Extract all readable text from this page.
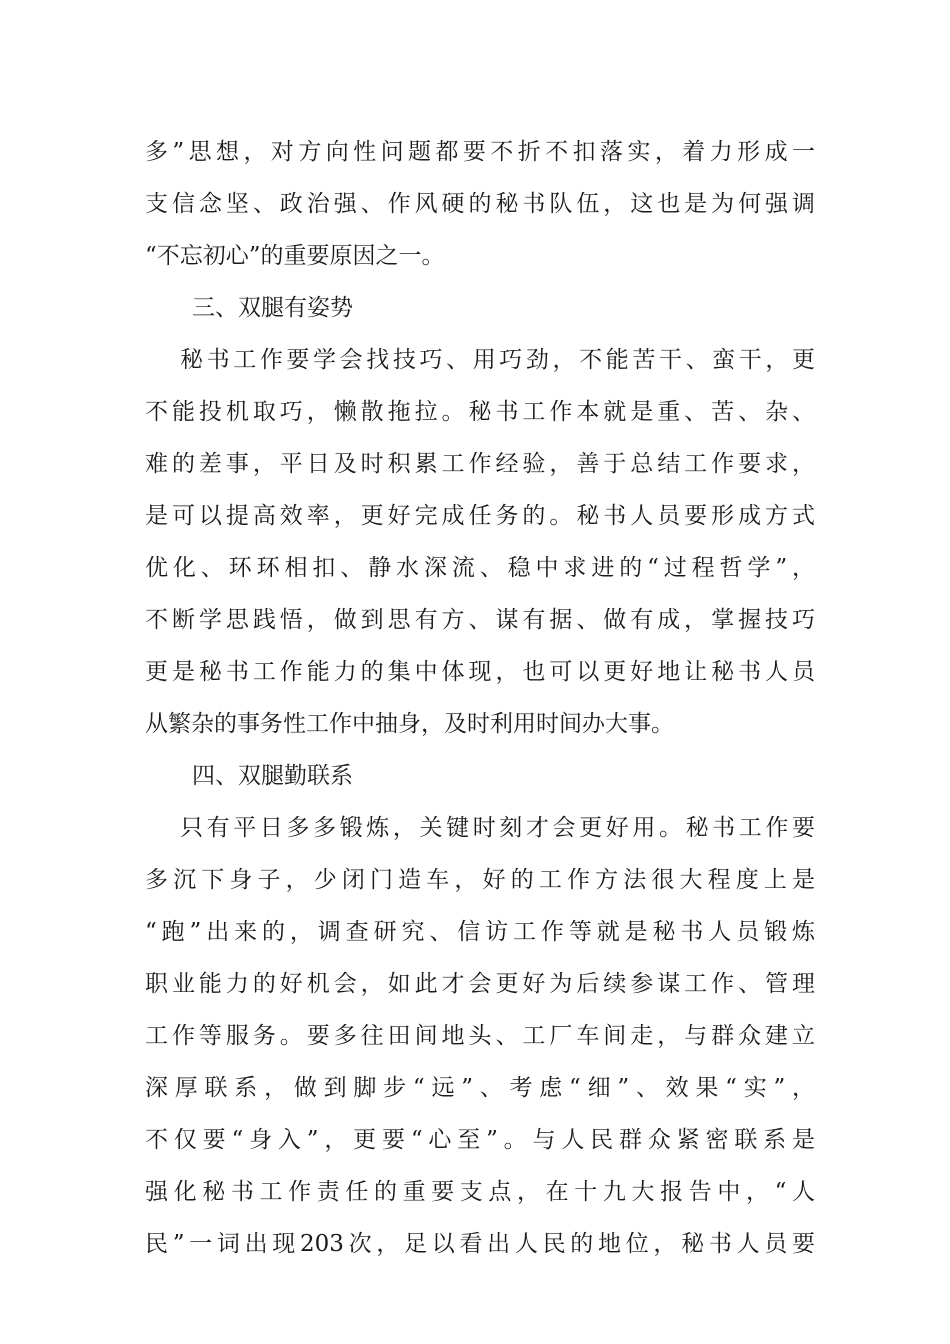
多”思想，对方向性问题都要不折不扣落实，着力形成一
支信念坚、政治强、作风硬的秘书队伍，这也是为何强调
“不忘初心”的重要原因之一。
三、双腿有姿势
秘书工作要学会找技巧、用巧劲，不能苦干、蛮干，更
不能投机取巧，懒散拖拉。秘书工作本就是重、苦、杂、
难的差事，平日及时积累工作经验，善于总结工作要求，
是可以提高效率，更好完成任务的。秘书人员要形成方式
优化、环环相扣、静水深流、稳中求进的“过程哲学”，
不断学思践悟，做到思有方、谋有据、做有成，掌握技巧
更是秘书工作能力的集中体现，也可以更好地让秘书人员
从繁杂的事务性工作中抽身，及时利用时间办大事。
四、双腿勤联系
只有平日多多锻炼，关键时刻才会更好用。秘书工作要
多沉下身子，少闭门造车，好的工作方法很大程度上是
“跑”出来的，调查研究、信访工作等就是秘书人员锻炼
职业能力的好机会，如此才会更好为后续参谋工作、管理
工作等服务。要多往田间地头、工厂车间走，与群众建立
深厚联系，做到脚步“远”、考虑“细”、效果“实”，
不仅要“身入”，更要“心至”。与人民群众紧密联系是
强化秘书工作责任的重要支点，在十九大报告中，“人
民”一词出现203次，足以看出人民的地位，秘书人员要
